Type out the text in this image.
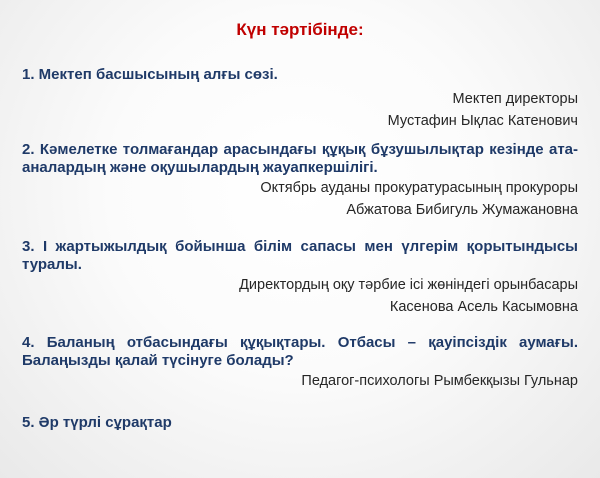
Күн тәртібінде:
1. Мектеп басшысының алғы сөзі.
Мектеп директоры
Мустафин Ықлас Катенович
2. Кәмелетке толмағандар арасындағы құқық бұзушылықтар кезінде ата-аналардың және оқушылардың жауапкершілігі.
Октябрь ауданы прокуратурасының прокуроры
Абжатова Бибигуль Жумажановна
3. І жартыжылдық бойынша білім сапасы мен үлгерім қорытындысы туралы.
Директордың оқу тәрбие ісі жөніндегі орынбасары
Касенова Асель Касымовна
4. Баланың отбасындағы құқықтары. Отбасы – қауіпсіздік аумағы. Балаңызды қалай түсінуге болады?
Педагог-психологы Рымбекқызы Гульнар
5. Әр түрлі сұрақтар
